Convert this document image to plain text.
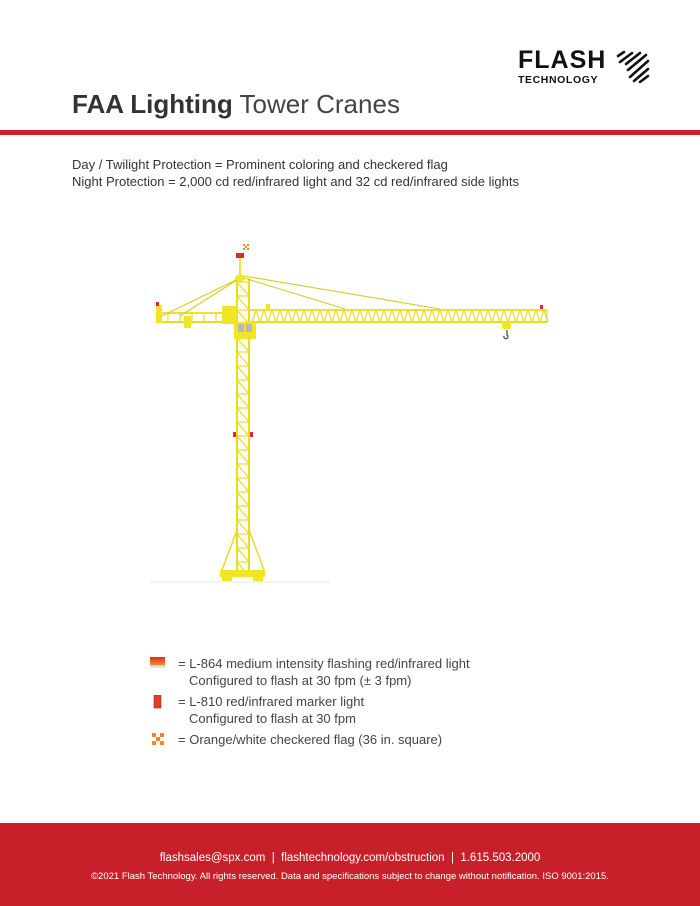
FLASH
TECHNOLOGY
FAA Lighting Tower Cranes
Day / Twilight Protection = Prominent coloring and checkered flag
Night Protection = 2,000 cd red/infrared light and 32 cd red/infrared side lights
= L-864 medium intensity flashing red/infrared light
Configured to flash at 30 fpm (± 3 fpm)
= L-810 red/infrared marker light
Configured to flash at 30 fpm
= Orange/white checkered flag (36 in. square)
flashsales@spx.com | flashtechnology.com/obstruction | 1.615.503.2000
©2021 Flash Technology. All rights reserved. Data and specifications subject to change without notification. ISO 9001:2015.
